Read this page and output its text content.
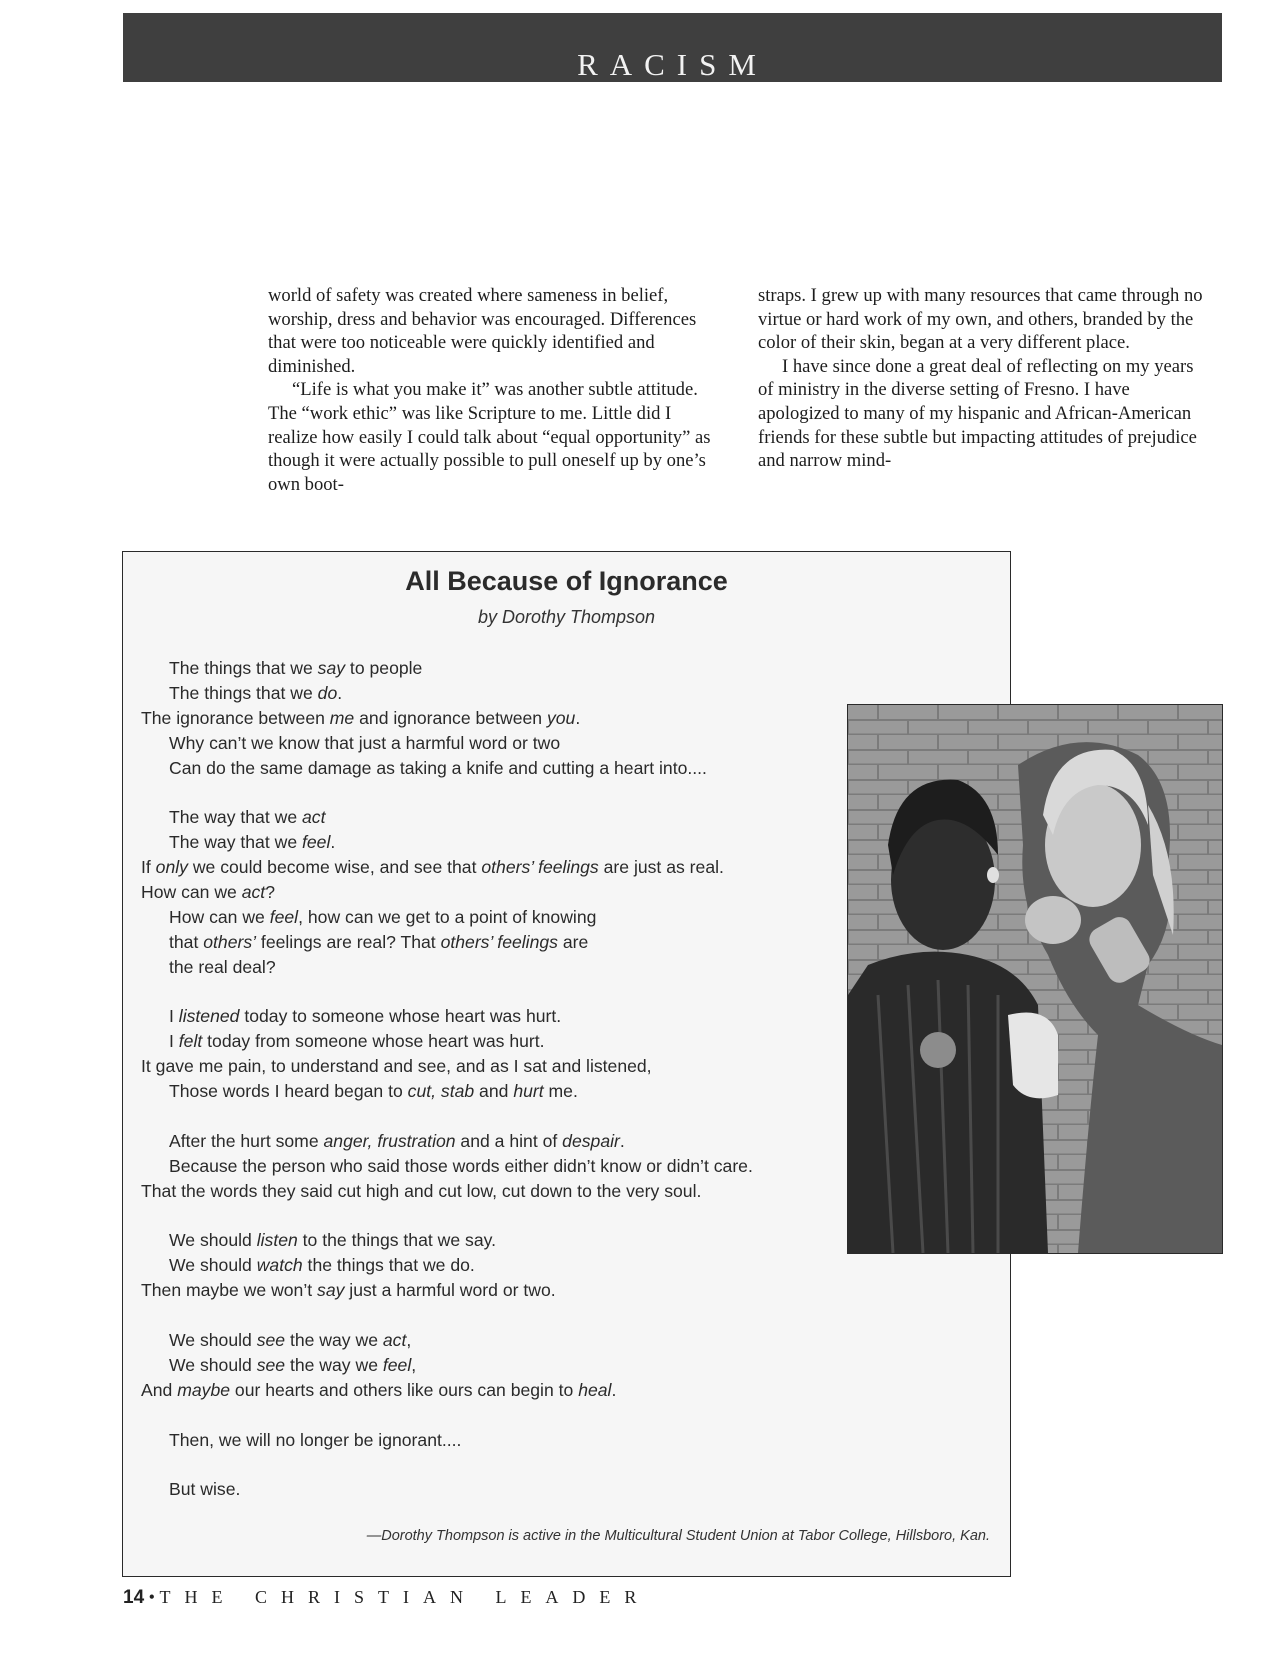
RACISM

world of safety was created where sameness in belief, worship, dress and behavior was encouraged. Differences that were too noticeable were quickly identified and diminished.

“Life is what you make it” was another subtle attitude. The “work ethic” was like Scripture to me. Little did I realize how easily I could talk about “equal opportunity” as though it were actually possible to pull oneself up by one’s own boot-

straps. I grew up with many resources that came through no virtue or hard work of my own, and others, branded by the color of their skin, began at a very different place.

I have since done a great deal of reflecting on my years of ministry in the diverse setting of Fresno. I have apologized to many of my hispanic and African-American friends for these subtle but impacting attitudes of prejudice and narrow mind-

All Because of Ignorance
by Dorothy Thompson
The things that we say to people
The things that we do.
The ignorance between me and ignorance between you.
Why can’t we know that just a harmful word or two
Can do the same damage as taking a knife and cutting a heart into....
The way that we act
The way that we feel.
If only we could become wise, and see that others’ feelings are just as real.
How can we act?
How can we feel, how can we get to a point of knowing
that others’ feelings are real? That others’ feelings are
the real deal?
I listened today to someone whose heart was hurt.
I felt today from someone whose heart was hurt.
It gave me pain, to understand and see, and as I sat and listened,
Those words I heard began to cut, stab and hurt me.
After the hurt some anger, frustration and a hint of despair.
Because the person who said those words either didn’t know or didn’t care.
That the words they said cut high and cut low, cut down to the very soul.
We should listen to the things that we say.
We should watch the things that we do.
Then maybe we won’t say just a harmful word or two.
We should see the way we act,
We should see the way we feel,
And maybe our hearts and others like ours can begin to heal.
Then, we will no longer be ignorant....
But wise.
—Dorothy Thompson is active in the Multicultural Student Union at Tabor College, Hillsboro, Kan.
14 • THE CHRISTIAN LEADER
